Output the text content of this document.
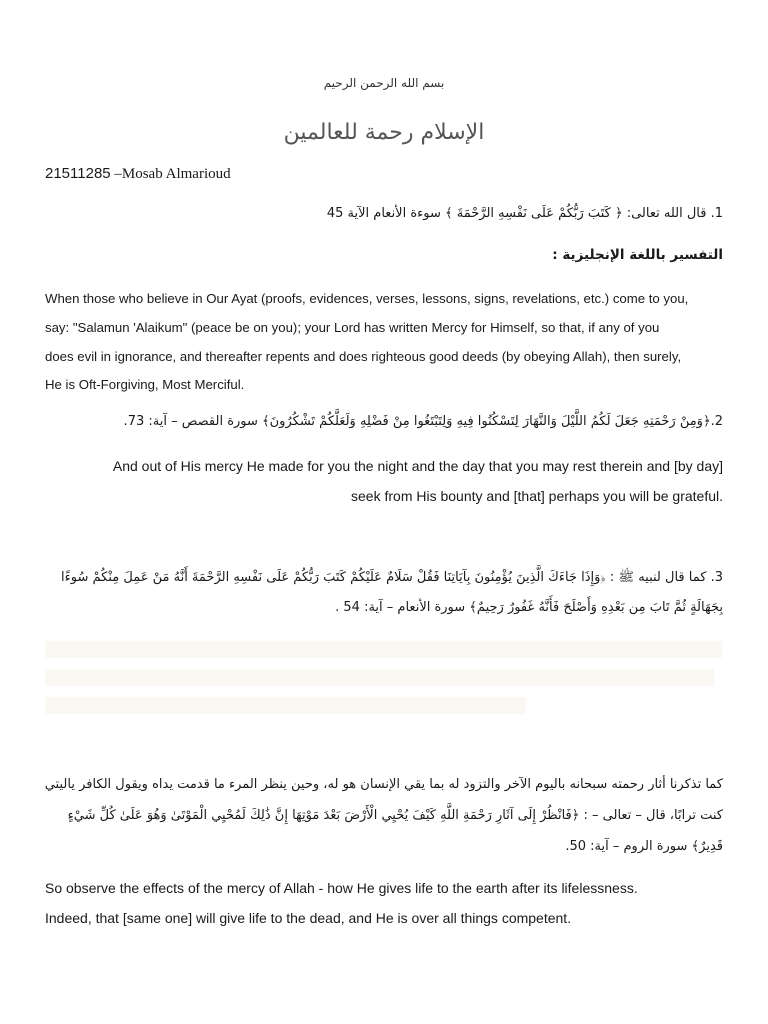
بسم الله الرحمن الرحيم
الإسلام رحمة للعالمين
21511285 –Mosab Almarioud
1. قال الله تعالى: ﴿ كَتَبَ رَبُّكُمْ عَلَى نَفْسِهِ الرَّحْمَةَ ﴾ سوءة الأنعام الآية 45
التفسير باللغة الإنجليزية :
When those who believe in Our Ayat (proofs, evidences, verses, lessons, signs, revelations, etc.) come to you,
say: "Salamun 'Alaikum" (peace be on you); your Lord has written Mercy for Himself, so that, if any of you
does evil in ignorance, and thereafter repents and does righteous good deeds (by obeying Allah), then surely,
He is Oft-Forgiving, Most Merciful.
2.﴿وَمِنْ رَحْمَتِهِ جَعَلَ لَكُمُ اللَّيْلَ وَالنَّهَارَ لِتَسْكُنُوا فِيهِ وَلِتَبْتَغُوا مِنْ فَضْلِهِ وَلَعَلَّكُمْ تَشْكُرُونَ﴾ سورة القصص – آية: 73.
And out of His mercy He made for you the night and the day that you may rest therein and [by day]
seek from His bounty and [that] perhaps you will be grateful.
3. كما قال لنبيه ﷺ : ﴿وَإِذَا جَاءَكَ الَّذِينَ يُؤْمِنُونَ بِآيَاتِنَا فَقُلْ سَلَامٌ عَلَيْكُمْ كَتَبَ رَبُّكُمْ عَلَى نَفْسِهِ الرَّحْمَةَ أَنَّهُ مَنْ عَمِلَ مِنْكُمْ سُوءًا
بِجَهَالَةٍ ثُمَّ تَابَ مِن بَعْدِهِ وَأَصْلَحَ فَأَنَّهُ غَفُورٌ رَحِيمٌ﴾ سورة الأنعام – آية: 54 .
كما تذكرنا أثار رحمته سبحانه باليوم الآخر والتزود له بما يقي الإنسان هو له، وحين ينظر المرء ما قدمت يداه ويقول الكافر ياليتي
كنت ترابًا، قال – تعالى – : ﴿فَانْظُرْ إِلَى آثَارِ رَحْمَةِ اللَّهِ كَيْفَ يُحْيِي الْأَرْضَ بَعْدَ مَوْتِهَا إِنَّ ذَٰلِكَ لَمُحْيِي الْمَوْتَىٰ وَهُوَ عَلَىٰ كُلِّ شَيْءٍ
قَدِيرٌ﴾ سورة الروم – آية: 50.
So observe the effects of the mercy of Allah - how He gives life to the earth after its lifelessness.
Indeed, that [same one] will give life to the dead, and He is over all things competent.
